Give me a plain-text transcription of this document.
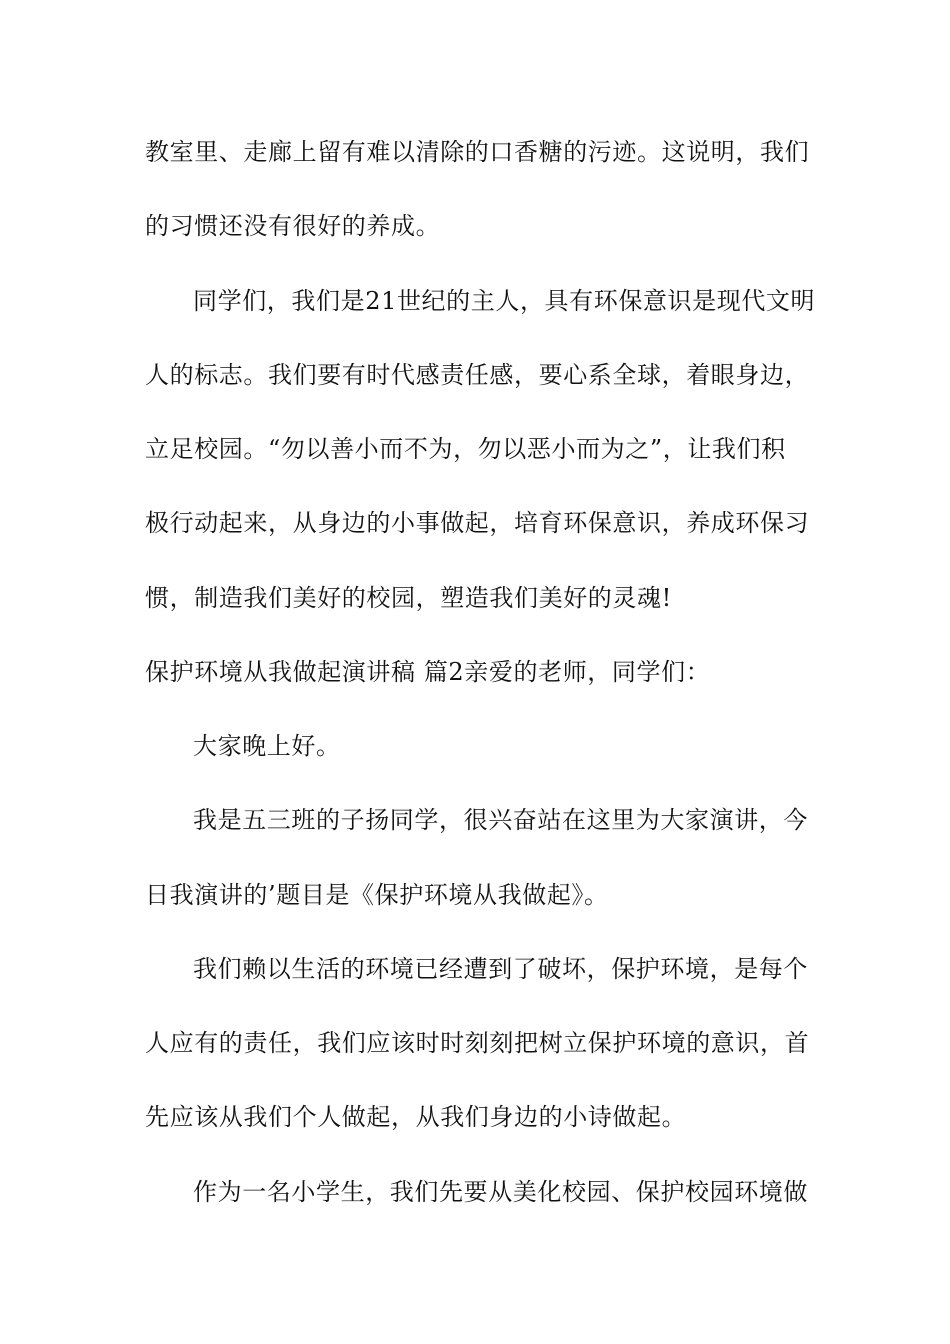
教室里、走廊上留有难以清除的口香糖的污迹。这说明，我们
的习惯还没有很好的养成。
同学们，我们是21世纪的主人，具有环保意识是现代文明
人的标志。我们要有时代感责任感，要心系全球，着眼身边，
立足校园。“勿以善小而不为，勿以恶小而为之”，让我们积
极行动起来，从身边的小事做起，培育环保意识，养成环保习
惯，制造我们美好的校园，塑造我们美好的灵魂!
保护环境从我做起演讲稿 篇2亲爱的老师，同学们：
大家晚上好。
我是五三班的子扬同学，很兴奋站在这里为大家演讲，今
日我演讲的’题目是《保护环境从我做起》。
我们赖以生活的环境已经遭到了破坏，保护环境，是每个
人应有的责任，我们应该时时刻刻把树立保护环境的意识，首
先应该从我们个人做起，从我们身边的小诗做起。
作为一名小学生，我们先要从美化校园、保护校园环境做
